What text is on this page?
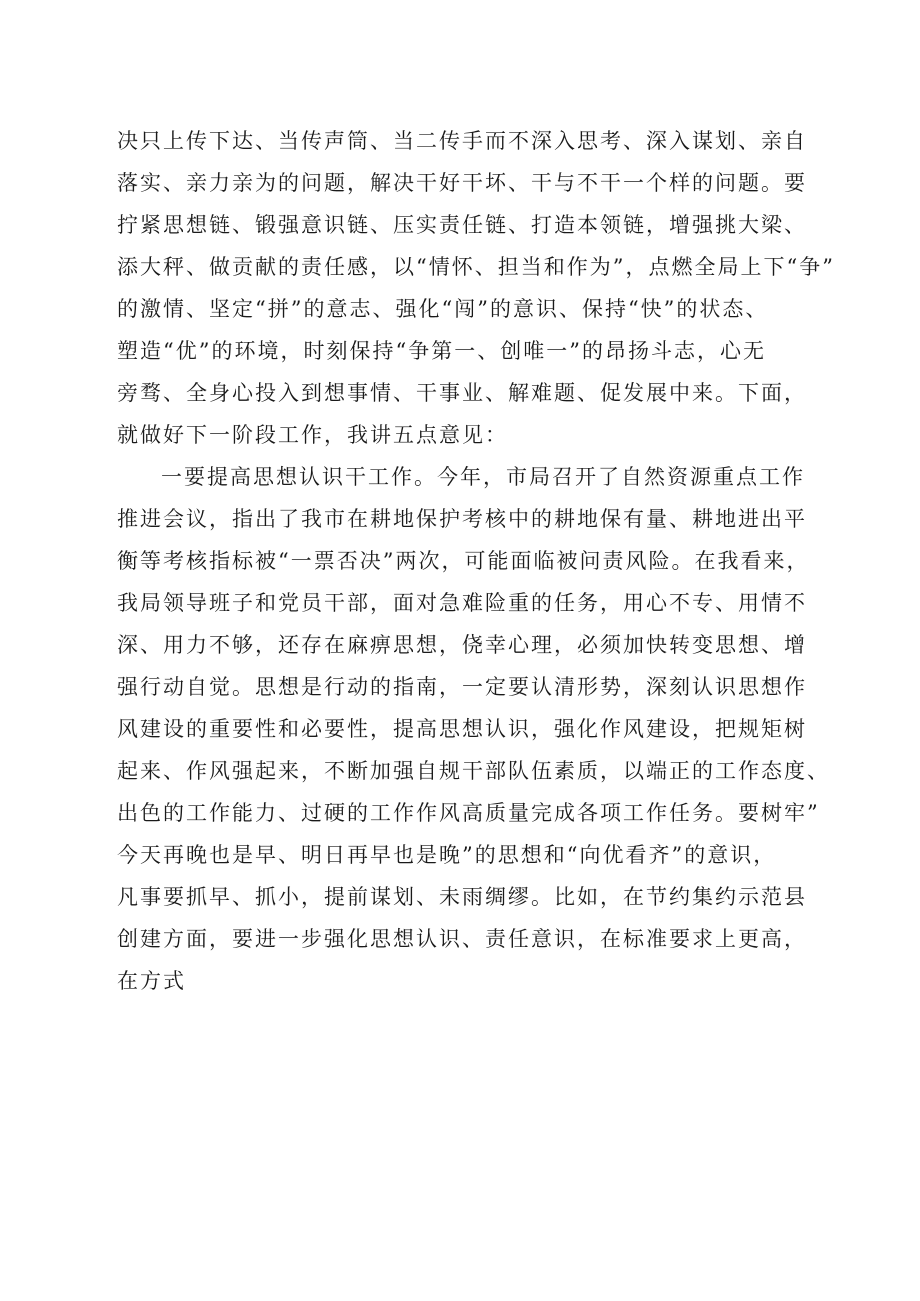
决只上传下达、当传声筒、当二传手而不深入思考、深入谋划、亲自
落实、亲力亲为的问题，解决干好干坏、干与不干一个样的问题。要
拧紧思想链、锻强意识链、压实责任链、打造本领链，增强挑大梁、
添大秤、做贡献的责任感，以“情怀、担当和作为”，点燃全局上下“争”
的激情、坚定“拼”的意志、强化“闯”的意识、保持“快”的状态、
塑造“优”的环境，时刻保持“争第一、创唯一”的昂扬斗志，心无
旁骛、全身心投入到想事情、干事业、解难题、促发展中来。下面，
就做好下一阶段工作，我讲五点意见：
一要提高思想认识干工作。今年，市局召开了自然资源重点工作
推进会议，指出了我市在耕地保护考核中的耕地保有量、耕地进出平
衡等考核指标被“一票否决”两次，可能面临被问责风险。在我看来，
我局领导班子和党员干部，面对急难险重的任务，用心不专、用情不
深、用力不够，还存在麻痹思想，侥幸心理，必须加快转变思想、增
强行动自觉。思想是行动的指南，一定要认清形势，深刻认识思想作
风建设的重要性和必要性，提高思想认识，强化作风建设，把规矩树
起来、作风强起来，不断加强自规干部队伍素质，以端正的工作态度、
出色的工作能力、过硬的工作作风高质量完成各项工作任务。要树牢”
今天再晚也是早、明日再早也是晚”的思想和“向优看齐”的意识，
凡事要抓早、抓小，提前谋划、未雨绸缪。比如，在节约集约示范县
创建方面，要进一步强化思想认识、责任意识，在标准要求上更高，
在方式
